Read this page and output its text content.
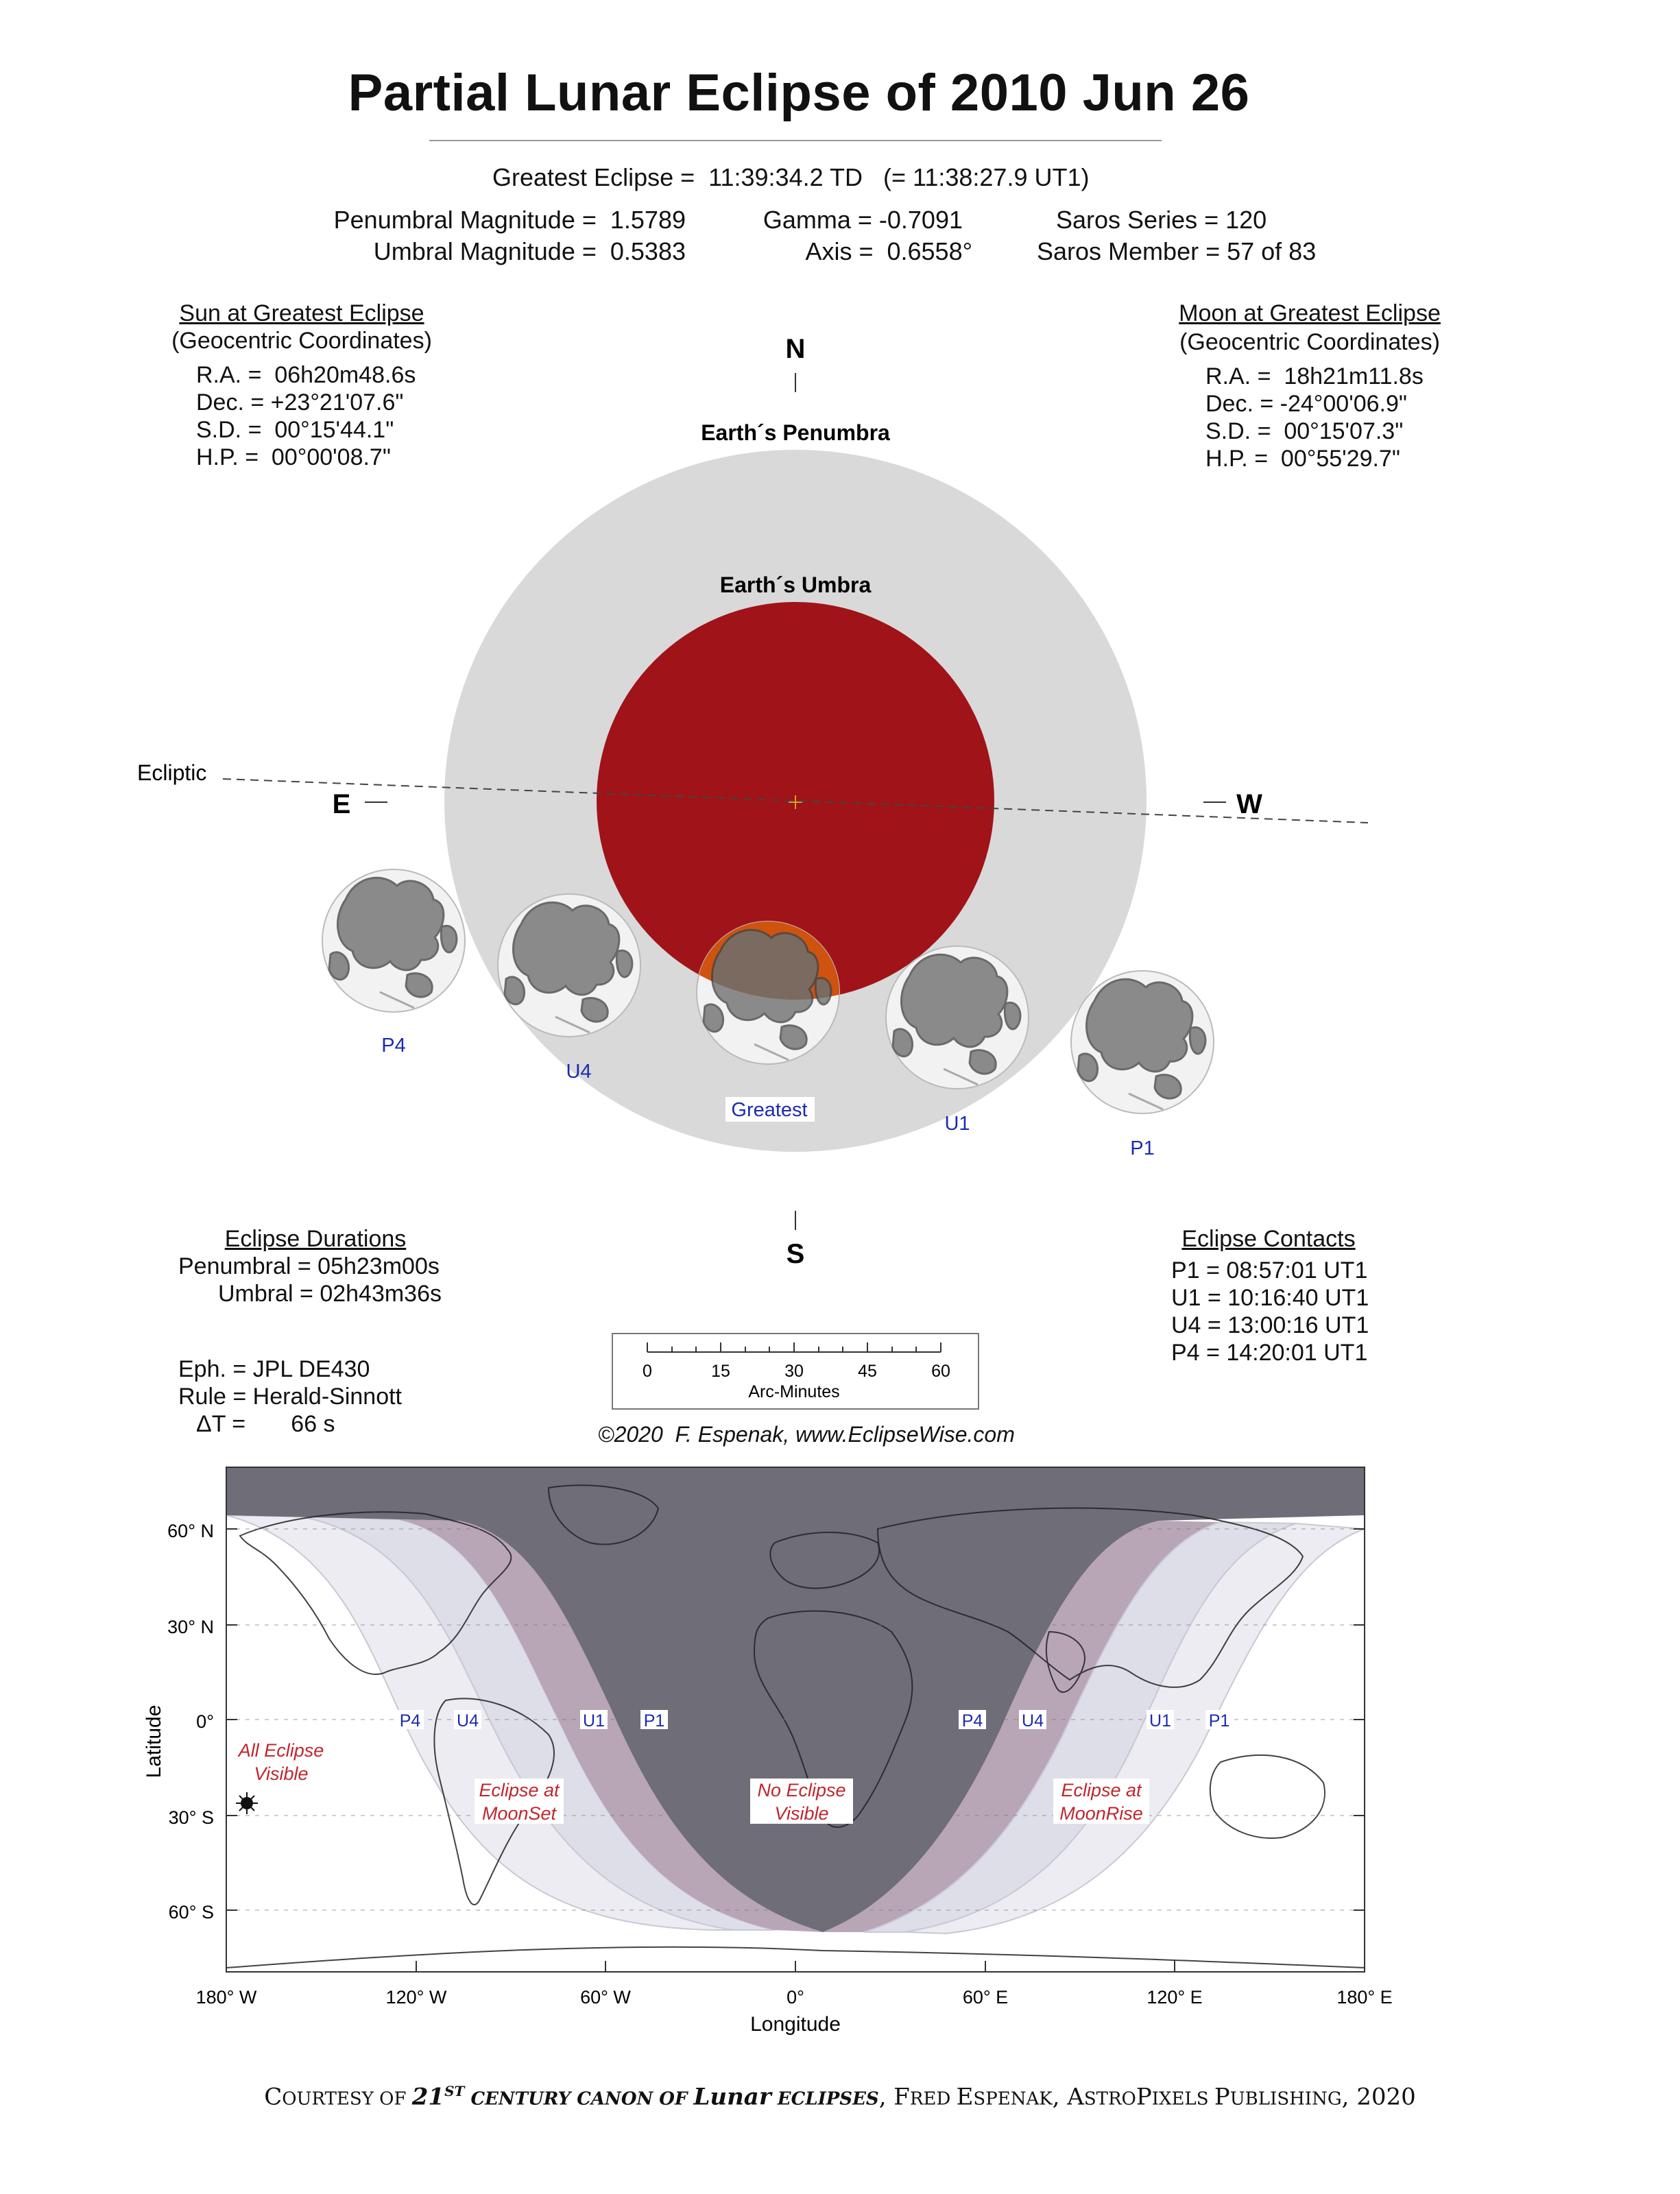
Partial Lunar Eclipse of 2010 Jun 26
Greatest Eclipse =  11:39:34.2 TD   (= 11:38:27.9 UT1)
Penumbral Magnitude =  1.5789
Umbral Magnitude =  0.5383
Gamma = -0.7091
Axis =  0.6558°
Saros Series = 120
Saros Member = 57 of 83
Sun at Greatest Eclipse
(Geocentric Coordinates)
R.A. =  06h20m48.6s
Dec. = +23°21'07.6"
S.D. =  00°15'44.1"
H.P. =  00°00'08.7"
Moon at Greatest Eclipse
(Geocentric Coordinates)
R.A. =  18h21m11.8s
Dec. = -24°00'06.9"
S.D. =  00°15'07.3"
H.P. =  00°55'29.7"
N
S
E	W
Ecliptic
Earth´s Penumbra
Earth´s Umbra
P4
U4
Greatest
U1
P1
Eclipse Durations
Penumbral = 05h23m00s
Umbral = 02h43m36s
Eph. = JPL DE430
Rule = Herald-Sinnott
ΔT =       66 s
Eclipse Contacts
P1 = 08:57:01 UT1
U1 = 10:16:40 UT1
U4 = 13:00:16 UT1
P4 = 14:20:01 UT1
0	15	30	45	60
Arc-Minutes
©2020  F. Espenak, www.EclipseWise.com
60° N
30° N
0°
30° S
60° S
Latitude
180° W	120° W	60° W	0°	60° E	120° E	180° E
Longitude
P4 U4	U1 P1	P4 U4	U1 P1
All Eclipse
Visible
Eclipse at
MoonSet
No Eclipse
Visible
Eclipse at
MoonRise
COURTESY OF 21ST CENTURY CANON OF Lunar ECLIPSES, FRED ESPENAK, ASTROPIXELS PUBLISHING, 2020
